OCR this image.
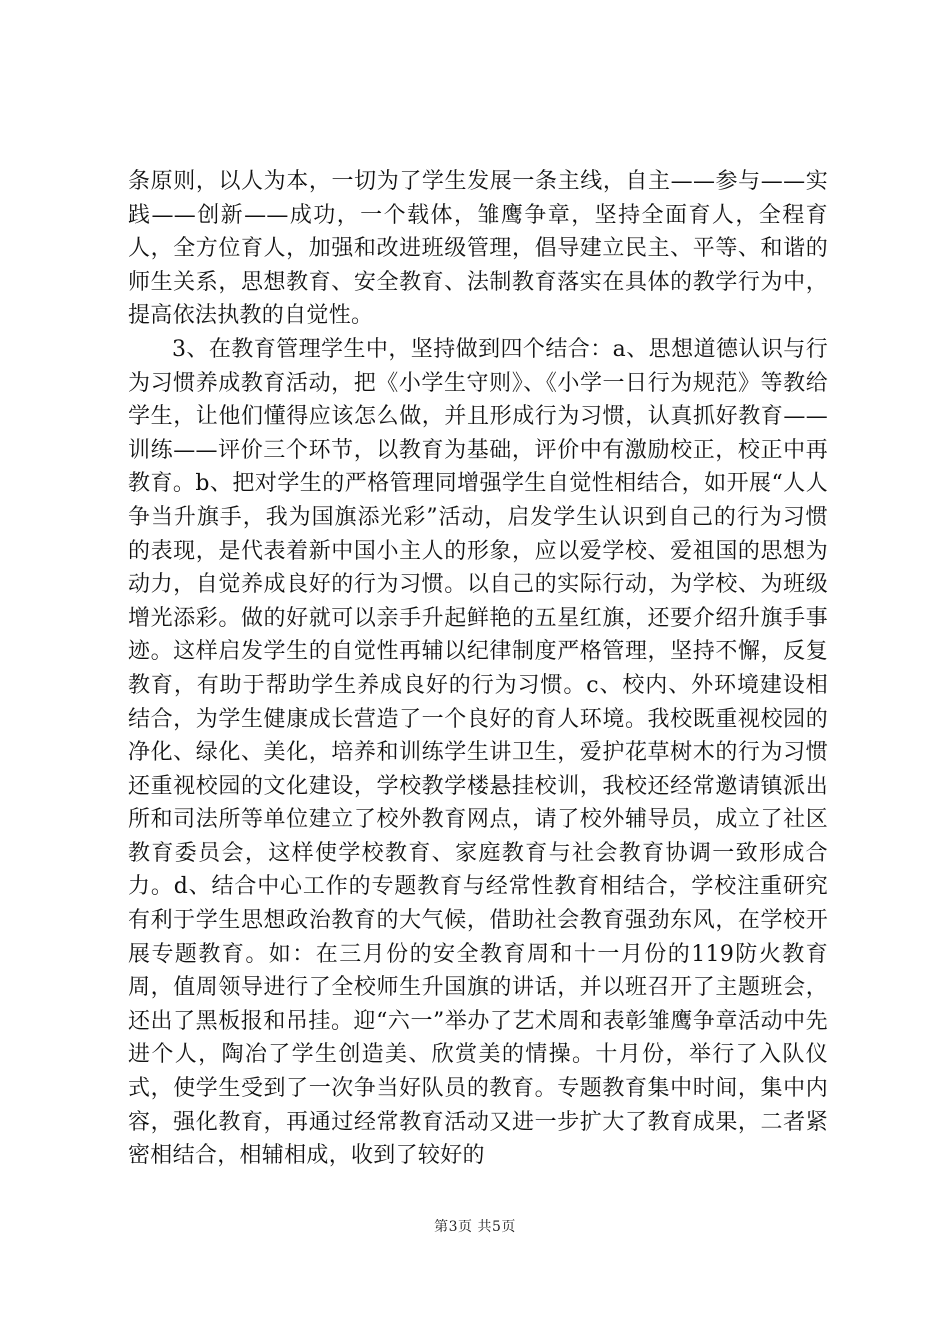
条原则，以人为本，一切为了学生发展一条主线，自主——参与——实践——创新——成功，一个载体，雏鹰争章，坚持全面育人，全程育人，全方位育人，加强和改进班级管理，倡导建立民主、平等、和谐的师生关系，思想教育、安全教育、法制教育落实在具体的教学行为中，提高依法执教的自觉性。

3、在教育管理学生中，坚持做到四个结合：a、思想道德认识与行为习惯养成教育活动，把《小学生守则》、《小学一日行为规范》等教给学生，让他们懂得应该怎么做，并且形成行为习惯，认真抓好教育——训练——评价三个环节，以教育为基础，评价中有激励校正，校正中再教育。b、把对学生的严格管理同增强学生自觉性相结合，如开展“人人争当升旗手，我为国旗添光彩”活动，启发学生认识到自己的行为习惯的表现，是代表着新中国小主人的形象，应以爱学校、爱祖国的思想为动力，自觉养成良好的行为习惯。以自己的实际行动，为学校、为班级增光添彩。做的好就可以亲手升起鲜艳的五星红旗，还要介绍升旗手事迹。这样启发学生的自觉性再辅以纪律制度严格管理，坚持不懈，反复教育，有助于帮助学生养成良好的行为习惯。c、校内、外环境建设相结合，为学生健康成长营造了一个良好的育人环境。我校既重视校园的净化、绿化、美化，培养和训练学生讲卫生，爱护花草树木的行为习惯还重视校园的文化建设，学校教学楼悬挂校训，我校还经常邀请镇派出所和司法所等单位建立了校外教育网点，请了校外辅导员，成立了社区教育委员会，这样使学校教育、家庭教育与社会教育协调一致形成合力。d、结合中心工作的专题教育与经常性教育相结合，学校注重研究有利于学生思想政治教育的大气候，借助社会教育强劲东风，在学校开展专题教育。如：在三月份的安全教育周和十一月份的119防火教育周，值周领导进行了全校师生升国旗的讲话，并以班召开了主题班会，还出了黑板报和吊挂。迎“六一”举办了艺术周和表彰雏鹰争章活动中先进个人，陶冶了学生创造美、欣赏美的情操。十月份，举行了入队仪式，使学生受到了一次争当好队员的教育。专题教育集中时间，集中内容，强化教育，再通过经常教育活动又进一步扩大了教育成果，二者紧密相结合，相辅相成，收到了较好的

第3页 共5页
